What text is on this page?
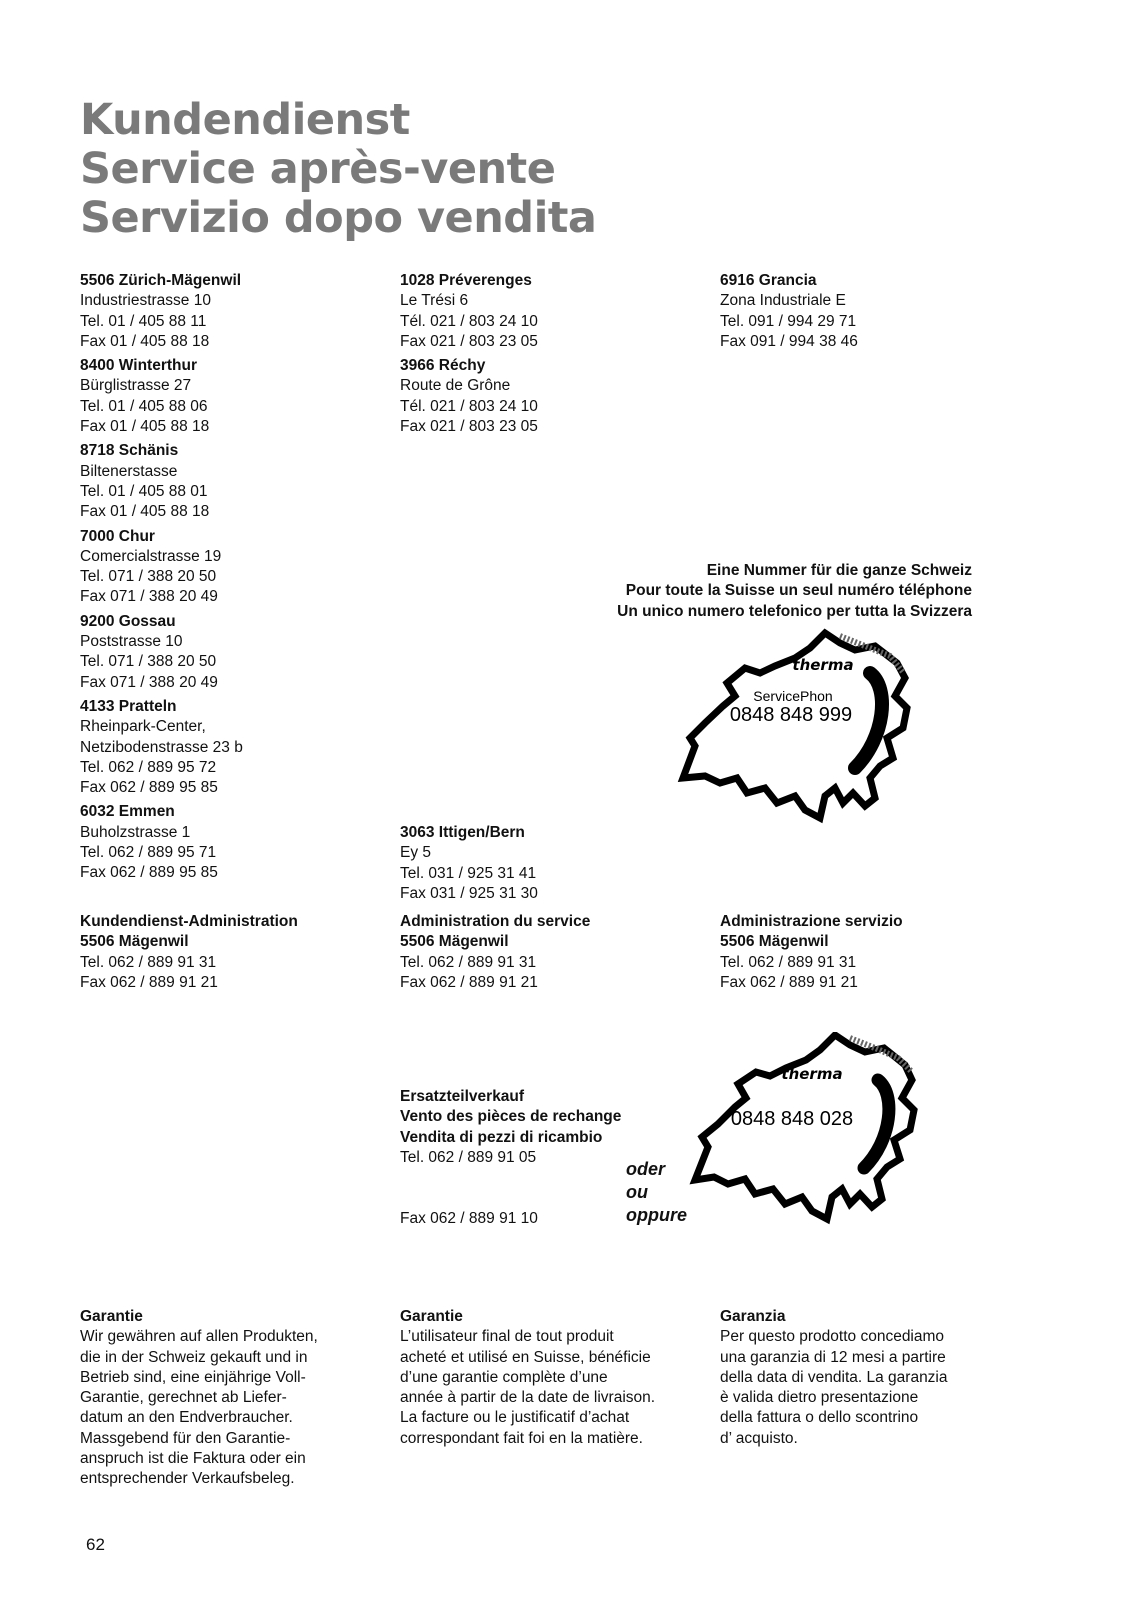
Kundendienst
Service après-vente
Servizio dopo vendita
5506 Zürich-Mägenwil
Industriestrasse 10
Tel. 01 / 405 88 11
Fax 01 / 405 88 18
8400 Winterthur
Bürglistrasse 27
Tel. 01 / 405 88 06
Fax 01 / 405 88 18
8718 Schänis
Biltenerstasse
Tel. 01 / 405 88 01
Fax 01 / 405 88 18
7000 Chur
Comercialstrasse 19
Tel. 071 / 388 20 50
Fax 071 / 388 20 49
9200 Gossau
Poststrasse 10
Tel. 071 / 388 20 50
Fax 071 / 388 20 49
4133 Pratteln
Rheinpark-Center,
Netzibodenstrasse 23 b
Tel. 062 / 889 95 72
Fax 062 / 889 95 85
6032 Emmen
Buholzstrasse 1
Tel. 062 / 889 95 71
Fax 062 / 889 95 85
1028 Préverenges
Le Trési 6
Tél. 021 / 803 24 10
Fax 021 / 803 23 05
3966 Réchy
Route de Grône
Tél. 021 / 803 24 10
Fax 021 / 803 23 05
3063 Ittigen/Bern
Ey 5
Tel. 031 / 925 31 41
Fax 031 / 925 31 30
6916 Grancia
Zona Industriale E
Tel. 091 / 994 29 71
Fax 091 / 994 38 46
Eine Nummer für die ganze Schweiz
Pour toute la Suisse un seul numéro téléphone
Un unico numero telefonico per tutta la Svizzera
therma
ServicePhon
0848 848 999
Kundendienst-Administration
5506 Mägenwil
Tel. 062 / 889 91 31
Fax 062 / 889 91 21
Administration du service
5506 Mägenwil
Tel. 062 / 889 91 31
Fax 062 / 889 91 21
Administrazione servizio
5506 Mägenwil
Tel. 062 / 889 91 31
Fax 062 / 889 91 21
Ersatzteilverkauf
Vento des pièces de rechange
Vendita di pezzi di ricambio
Tel. 062 / 889 91 05
Fax 062 / 889 91 10
oder
ou
oppure
therma
0848 848 028
Garantie
Wir gewähren auf allen Produkten,
die in der Schweiz gekauft und in
Betrieb sind, eine einjährige Voll-
Garantie, gerechnet ab Liefer-
datum an den Endverbraucher.
Massgebend für den Garantie-
anspruch ist die Faktura oder ein
entsprechender Verkaufsbeleg.
Garantie
L’utilisateur final de tout produit
acheté et utilisé en Suisse, bénéficie
d’une garantie complète d’une
année à partir de la date de livraison.
La facture ou le justificatif d’achat
correspondant fait foi en la matière.
Garanzia
Per questo prodotto concediamo
una garanzia di 12 mesi a partire
della data di vendita. La garanzia
è valida dietro presentazione
della fattura o dello scontrino
d’ acquisto.
62
